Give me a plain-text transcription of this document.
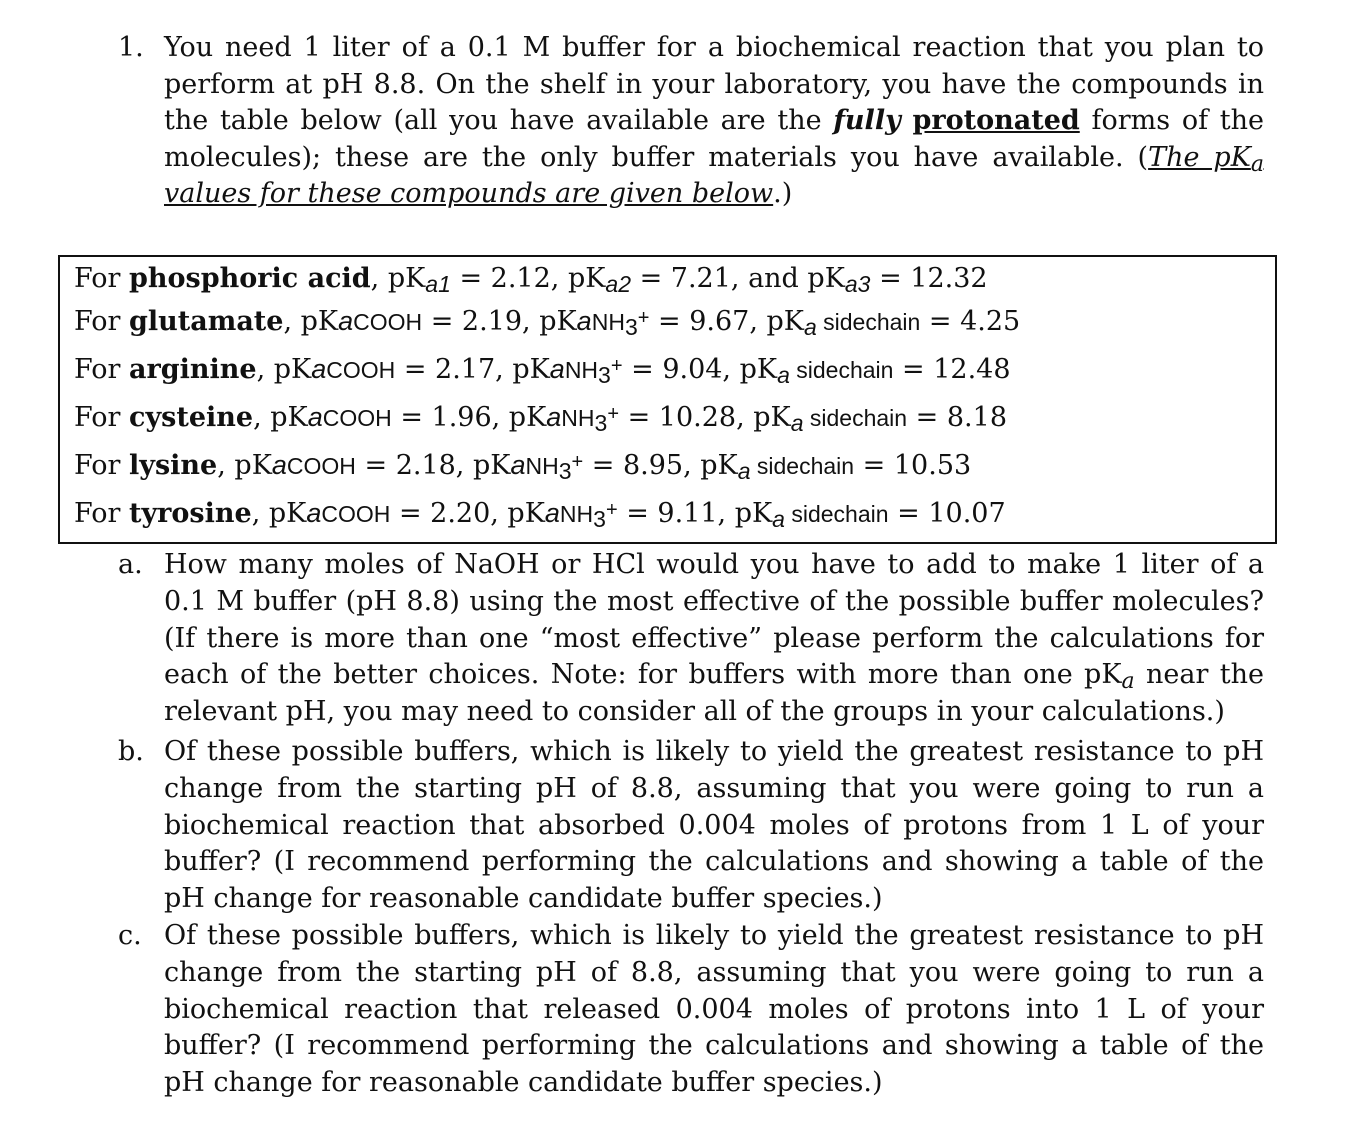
1. You need 1 liter of a 0.1 M buffer for a biochemical reaction that you plan to perform at pH 8.8. On the shelf in your laboratory, you have the compounds in the table below (all you have available are the fully protonated forms of the molecules); these are the only buffer materials you have available. (The $pK_a$ values for these compounds are given below.)
For phosphoric acid, $pK_{a1} = 2.12$, $pK_{a2} = 7.21$, and $pK_{a3} = 12.32$
For glutamate, pKaCOOH = 2.19, pKaNH$_3$+ = 9.67, $pK_a$ sidechain = 4.25
For arginine, pKaCOOH = 2.17, pKaNH$_3$+ = 9.04, $pK_a$ sidechain = 12.48
For cysteine, pKaCOOH = 1.96, pKaNH$_3$+ = 10.28, $pK_a$ sidechain = 8.18
For lysine, pKaCOOH = 2.18, pKaNH$_3$+ = 8.95, $pK_a$ sidechain = 10.53
For tyrosine, pKaCOOH = 2.20, pKaNH$_3$+ = 9.11, $pK_a$ sidechain = 10.07
a. How many moles of NaOH or HCl would you have to add to make 1 liter of a 0.1 M buffer (pH 8.8) using the most effective of the possible buffer molecules? (If there is more than one “most effective” please perform the calculations for each of the better choices. Note: for buffers with more than one $pK_a$ near the relevant pH, you may need to consider all of the groups in your calculations.)
b. Of these possible buffers, which is likely to yield the greatest resistance to pH change from the starting pH of 8.8, assuming that you were going to run a biochemical reaction that absorbed 0.004 moles of protons from 1 L of your buffer? (I recommend performing the calculations and showing a table of the pH change for reasonable candidate buffer species.)
c. Of these possible buffers, which is likely to yield the greatest resistance to pH change from the starting pH of 8.8, assuming that you were going to run a biochemical reaction that released 0.004 moles of protons into 1 L of your buffer? (I recommend performing the calculations and showing a table of the pH change for reasonable candidate buffer species.)
